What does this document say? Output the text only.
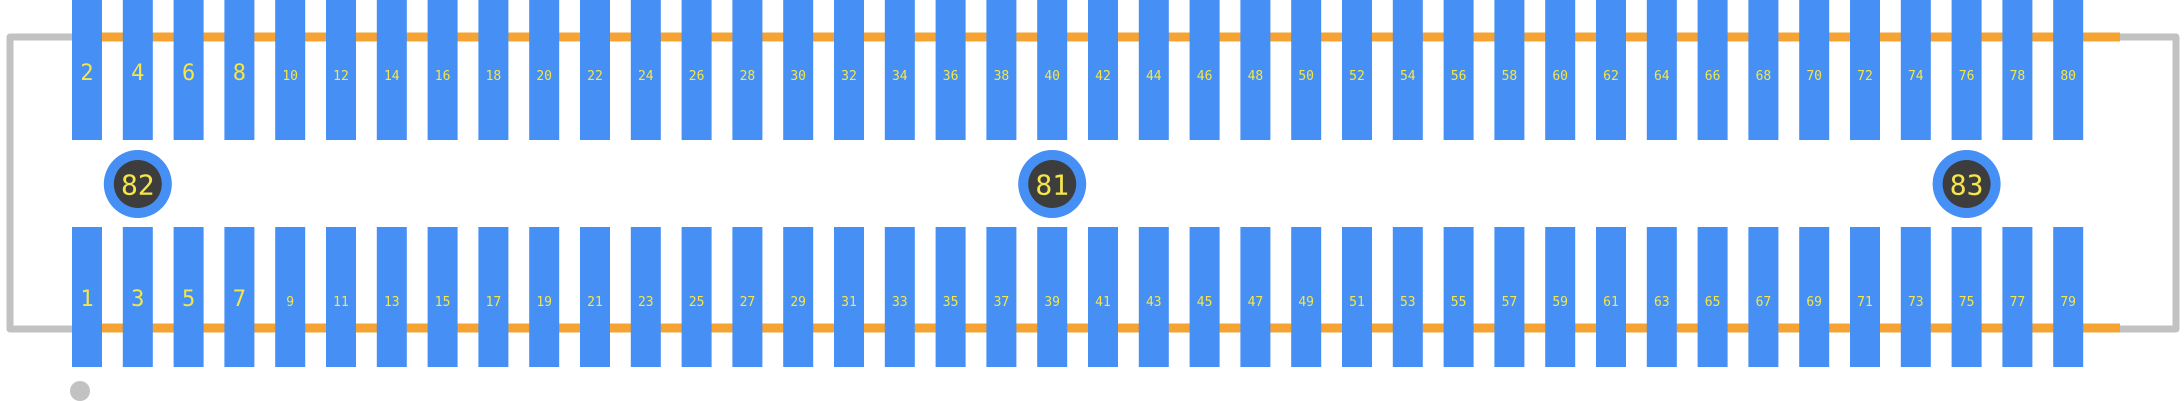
2 4 6 8	10	12	14	16	18	20	22	24	26	28	30	32	34	36	38	40	42	44	46	48	50	52	54	56	58	60	62	64	66	68	70	72	74	76	78	80
1 3 5 7	9	11	13	15	17	19	21	23	25	27	29	31	33	35	37	39	41	43	45	47	49	51	53	55	57	59	61	63	65	67	69	71	73	75	77	79
82	81	83
